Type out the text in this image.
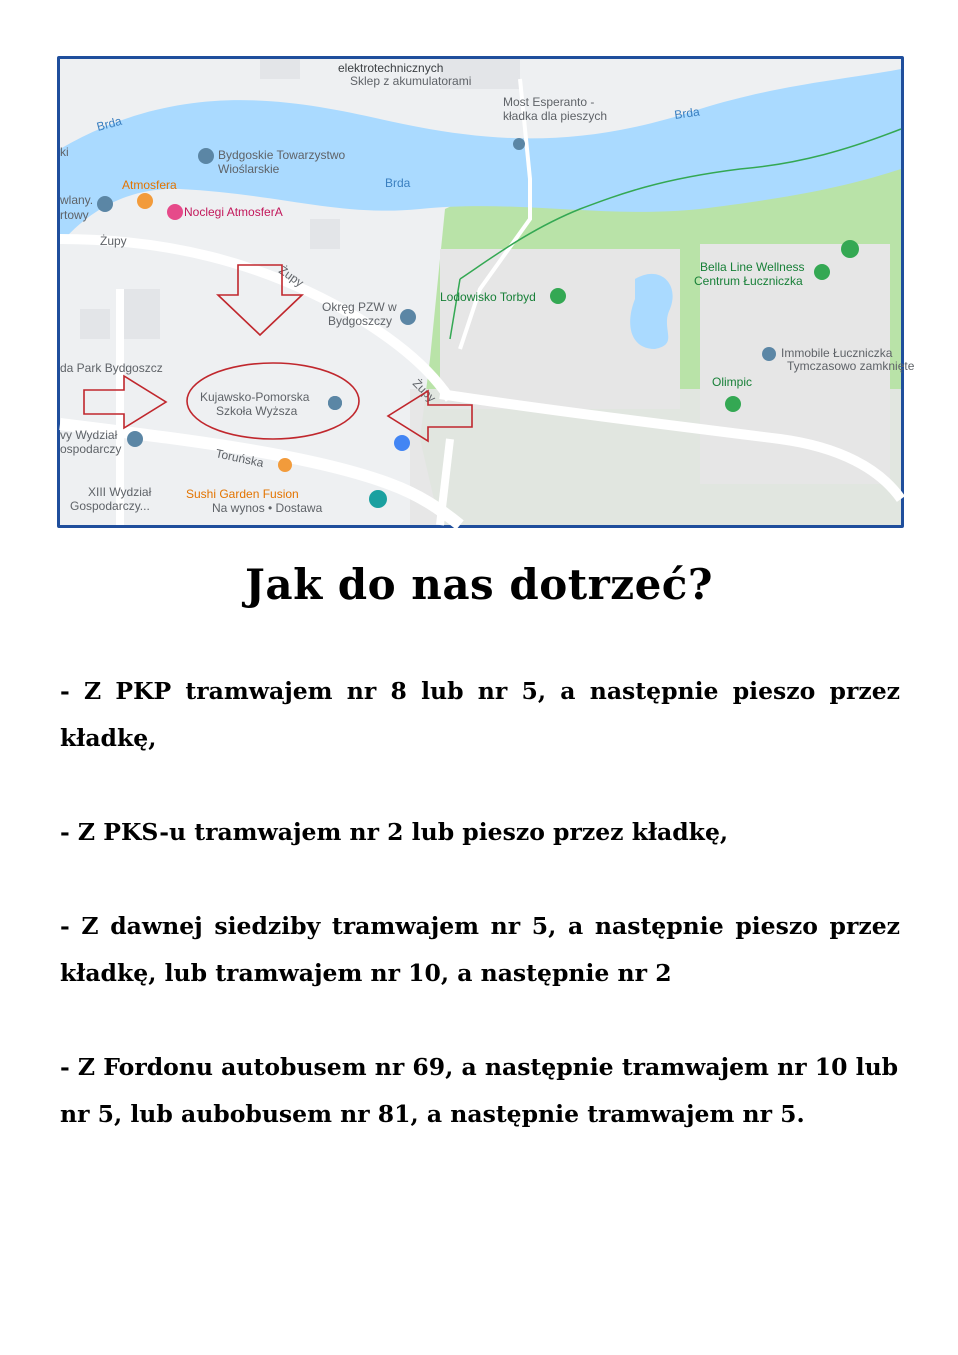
elektrotechnicznych
Sklep z akumulatorami
Most Esperanto -
kładka dla pieszych
Brda
Brda
Brda
Bydgoskie Towarzystwo
Wioślarskie
Atmosfera
Noclegi AtmosferA
wlany.
rtowy
ki
Żupy
Żupy
Żupy
Okręg PZW w
Bydgoszczy
Lodowisko Torbyd
Bella Line Wellness
Centrum Łuczniczka
Immobile Łuczniczka
Tymczasowo zamknięte
Olimpic
da Park Bydgoszcz
Kujawsko-Pomorska
Szkoła Wyższa
vy Wydział
ospodarczy	Toruńska
XIII Wydział
Gospodarczy...
Sushi Garden Fusion
Na wynos • Dostawa
Jak do nas dotrzeć?

- Z PKP tramwajem nr 8 lub nr 5, a następnie pieszo przez kładkę,

- Z PKS-u tramwajem nr 2 lub pieszo przez kładkę,

- Z dawnej siedziby tramwajem nr 5, a następnie pieszo przez kładkę, lub tramwajem nr 10, a następnie nr 2

- Z Fordonu autobusem nr 69, a następnie tramwajem nr 10 lub nr 5, lub aubobusem nr 81, a następnie tramwajem nr 5.
